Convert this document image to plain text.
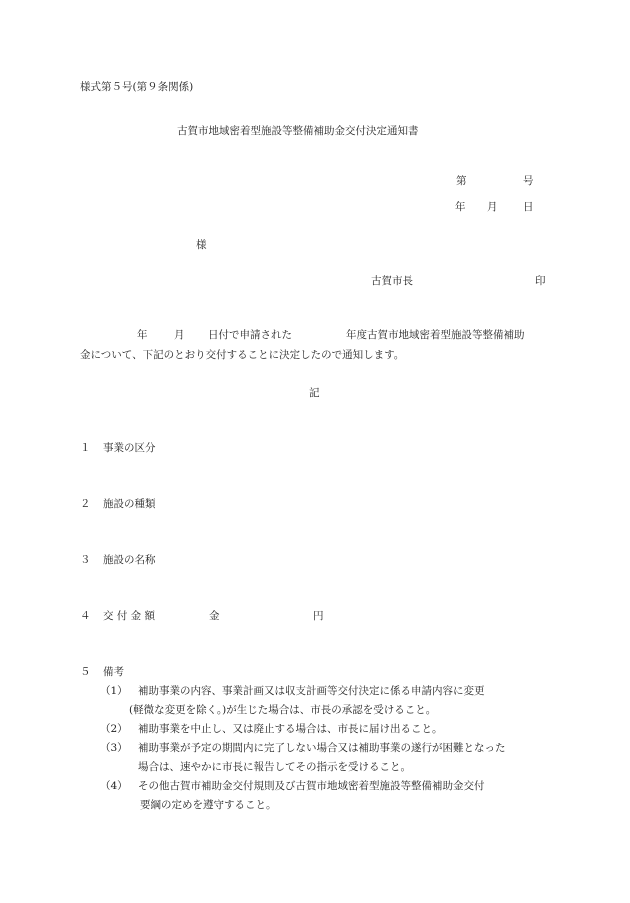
様式第５号(第９条関係)
古賀市地域密着型施設等整備補助金交付決定通知書
第	号
年 月 日
様
古賀市長	印
年	月 日付で申請された	年度古賀市地域密着型施設等整備補助
金について、下記のとおり交付することに決定したので通知します。
記
１ 事業の区分
２ 施設の種類
３ 施設の名称
４ 交 付 金 額	金	円
５ 備考
（1） 補助事業の内容、事業計画又は収支計画等交付決定に係る申請内容に変更
(軽微な変更を除く。)が生じた場合は、市長の承認を受けること。
（2） 補助事業を中止し、又は廃止する場合は、市長に届け出ること。
（3） 補助事業が予定の期間内に完了しない場合又は補助事業の遂行が困難となった
場合は、速やかに市長に報告してその指示を受けること。
（4） その他古賀市補助金交付規則及び古賀市地域密着型施設等整備補助金交付
要綱の定めを遵守すること。
